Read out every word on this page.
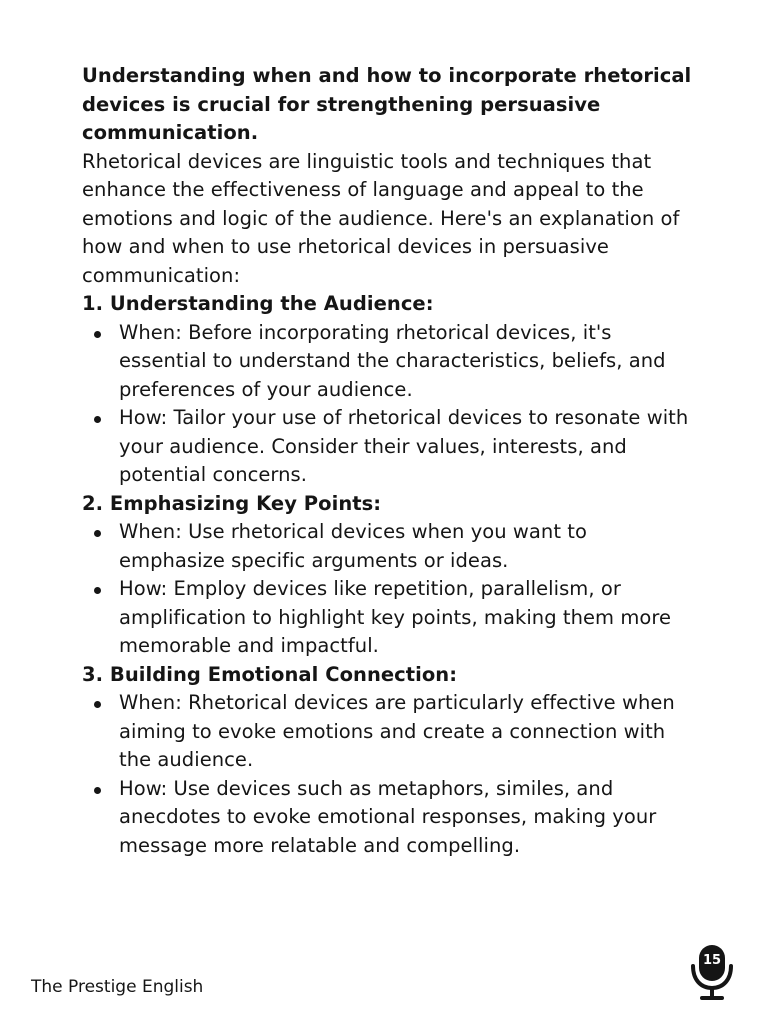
Understanding when and how to incorporate rhetorical devices is crucial for strengthening persuasive communication.

Rhetorical devices are linguistic tools and techniques that enhance the effectiveness of language and appeal to the emotions and logic of the audience. Here's an explanation of how and when to use rhetorical devices in persuasive communication:

1. Understanding the Audience:

When: Before incorporating rhetorical devices, it's essential to understand the characteristics, beliefs, and preferences of your audience.
How: Tailor your use of rhetorical devices to resonate with your audience. Consider their values, interests, and potential concerns.

2. Emphasizing Key Points:

When: Use rhetorical devices when you want to emphasize specific arguments or ideas.
How: Employ devices like repetition, parallelism, or amplification to highlight key points, making them more memorable and impactful.

3. Building Emotional Connection:

When: Rhetorical devices are particularly effective when aiming to evoke emotions and create a connection with the audience.
How: Use devices such as metaphors, similes, and anecdotes to evoke emotional responses, making your message more relatable and compelling.
The Prestige English
15
